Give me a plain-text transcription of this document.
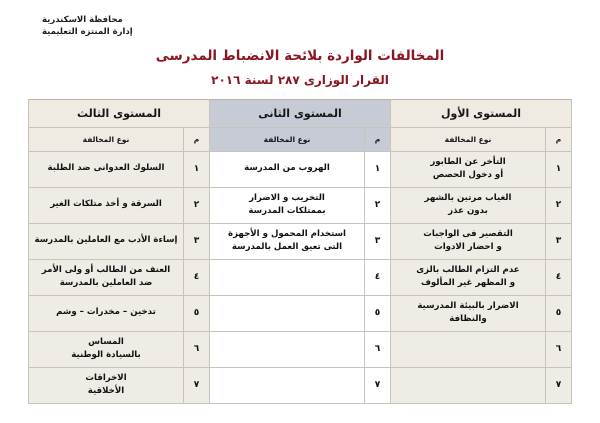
محافظة الاسكندرية
إدارة المنتزه التعليمية
المخالفات الواردة بلائحة الانضباط المدرسى
القرار الوزارى ٢٨٧ لسنة ٢٠١٦
المستوى الأول		المستوى الثانى		المستوى الثالث	
م	نوع المخالفة	م	نوع المخالفة	م	نوع المخالفة
١	التأخر عن الطابور
أو دخول الحصص	١	الهروب من المدرسة	١	السلوك العدوانى ضد الطلبة

٢	الغياب مرتين بالشهر
بدون عذر	٢	التخريب و الاضرار
بممتلكات المدرسة	٢	السرقة و أخذ متلكات الغير

٣	التقصير فى الواجبات
و احضار الادوات	٣	استخدام المحمول و الأجهزة
التى تعيق العمل بالمدرسة	٣	إساءة الأدب مع العاملين بالمدرسة

٤	عدم التزام الطالب بالزى
و المظهر غير المألوف	٤		٤	العنف من الطالب أو ولى الأمر
ضد العاملين بالمدرسة

٥	الاضرار بالبيئة المدرسية
والنظافة	٥		٥	تدخين – مخدرات – وشم

٦		٦		٦	المساس
بالسيادة الوطنية

٧		٧		٧	الاخراقات
الأخلاقية
